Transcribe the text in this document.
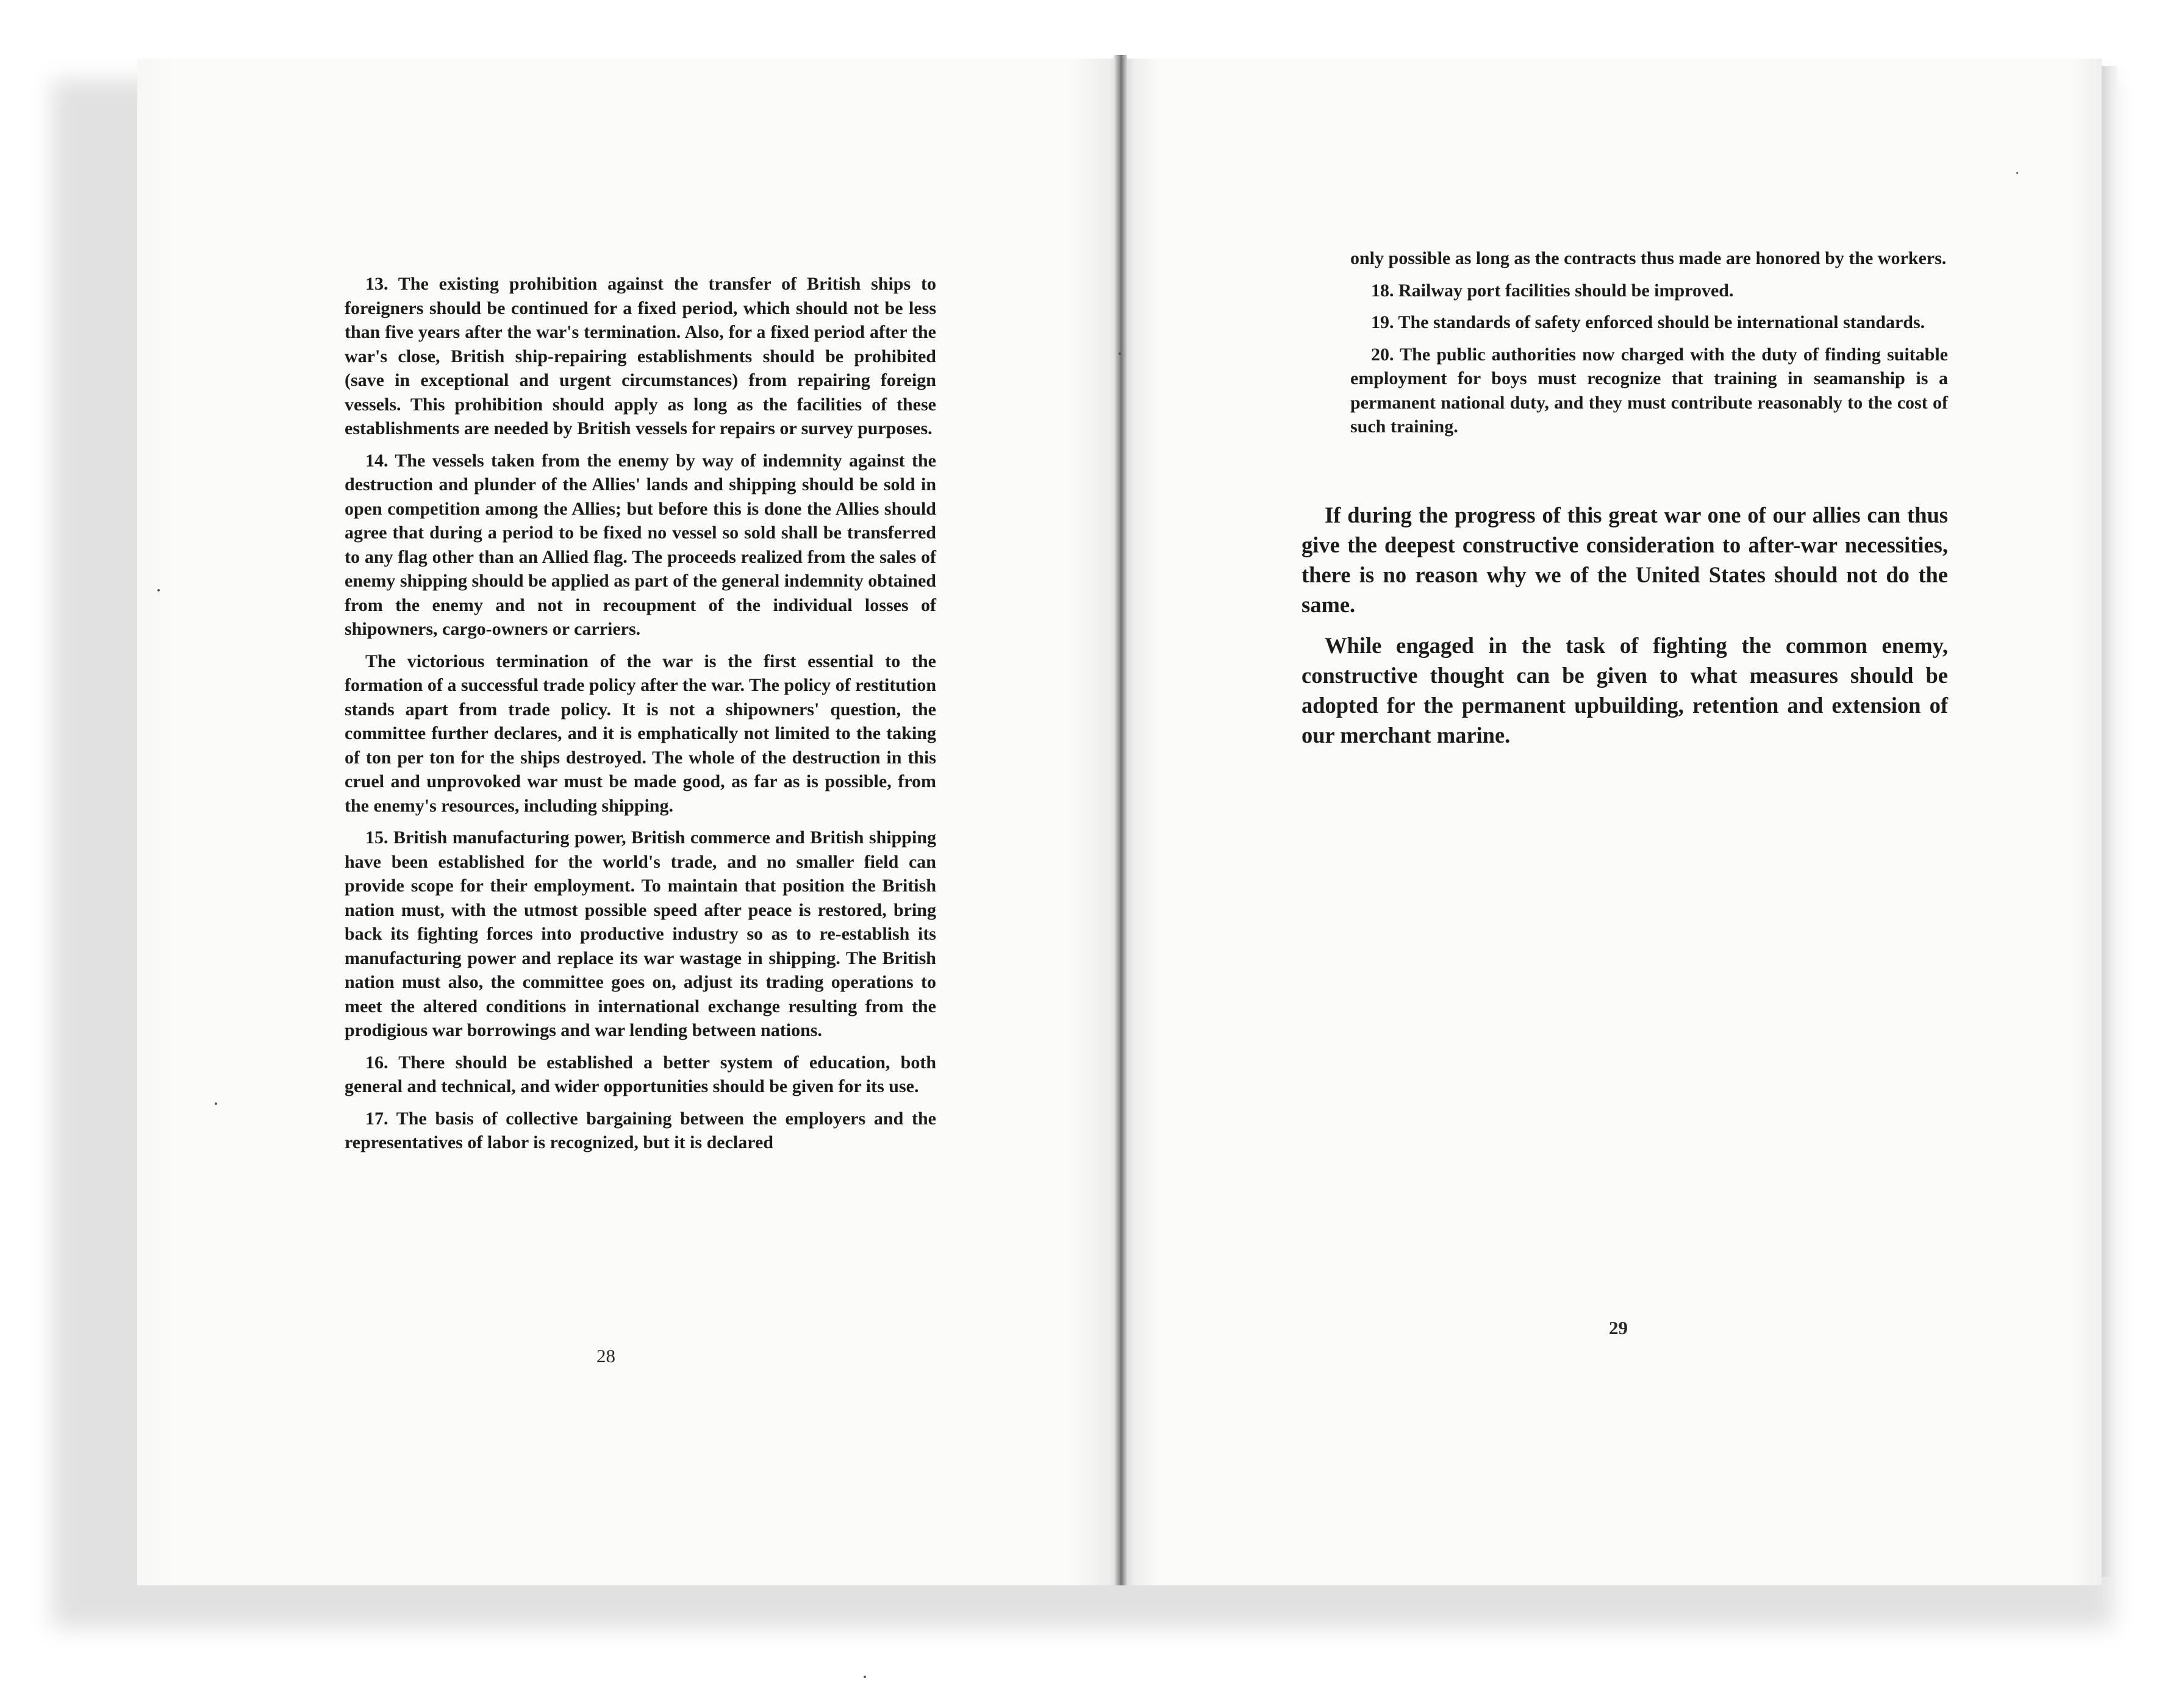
13. The existing prohibition against the transfer of British ships to foreigners should be continued for a fixed period, which should not be less than five years after the war's termination. Also, for a fixed period after the war's close, British ship-repairing establishments should be prohibited (save in exceptional and urgent circumstances) from repairing foreign vessels. This prohibition should apply as long as the facilities of these establishments are needed by British vessels for repairs or survey purposes.

14. The vessels taken from the enemy by way of indemnity against the destruction and plunder of the Allies' lands and shipping should be sold in open competition among the Allies; but before this is done the Allies should agree that during a period to be fixed no vessel so sold shall be transferred to any flag other than an Allied flag. The proceeds realized from the sales of enemy shipping should be applied as part of the general indemnity obtained from the enemy and not in recoupment of the individual losses of shipowners, cargo-owners or carriers.

The victorious termination of the war is the first essential to the formation of a successful trade policy after the war. The policy of restitution stands apart from trade policy. It is not a shipowners' question, the committee further declares, and it is emphatically not limited to the taking of ton per ton for the ships destroyed. The whole of the destruction in this cruel and unprovoked war must be made good, as far as is possible, from the enemy's resources, including shipping.

15. British manufacturing power, British commerce and British shipping have been established for the world's trade, and no smaller field can provide scope for their employment. To maintain that position the British nation must, with the utmost possible speed after peace is restored, bring back its fighting forces into productive industry so as to re-establish its manufacturing power and replace its war wastage in shipping. The British nation must also, the committee goes on, adjust its trading operations to meet the altered conditions in international exchange resulting from the prodigious war borrowings and war lending between nations.

16. There should be established a better system of education, both general and technical, and wider opportunities should be given for its use.

17. The basis of collective bargaining between the employers and the representatives of labor is recognized, but it is declared

28

only possible as long as the contracts thus made are honored by the workers.

18. Railway port facilities should be improved.

19. The standards of safety enforced should be international standards.

20. The public authorities now charged with the duty of finding suitable employment for boys must recognize that training in seamanship is a permanent national duty, and they must contribute reasonably to the cost of such training.

If during the progress of this great war one of our allies can thus give the deepest constructive consideration to after-war necessities, there is no reason why we of the United States should not do the same.

While engaged in the task of fighting the common enemy, constructive thought can be given to what measures should be adopted for the permanent upbuilding, retention and extension of our merchant marine.

29
